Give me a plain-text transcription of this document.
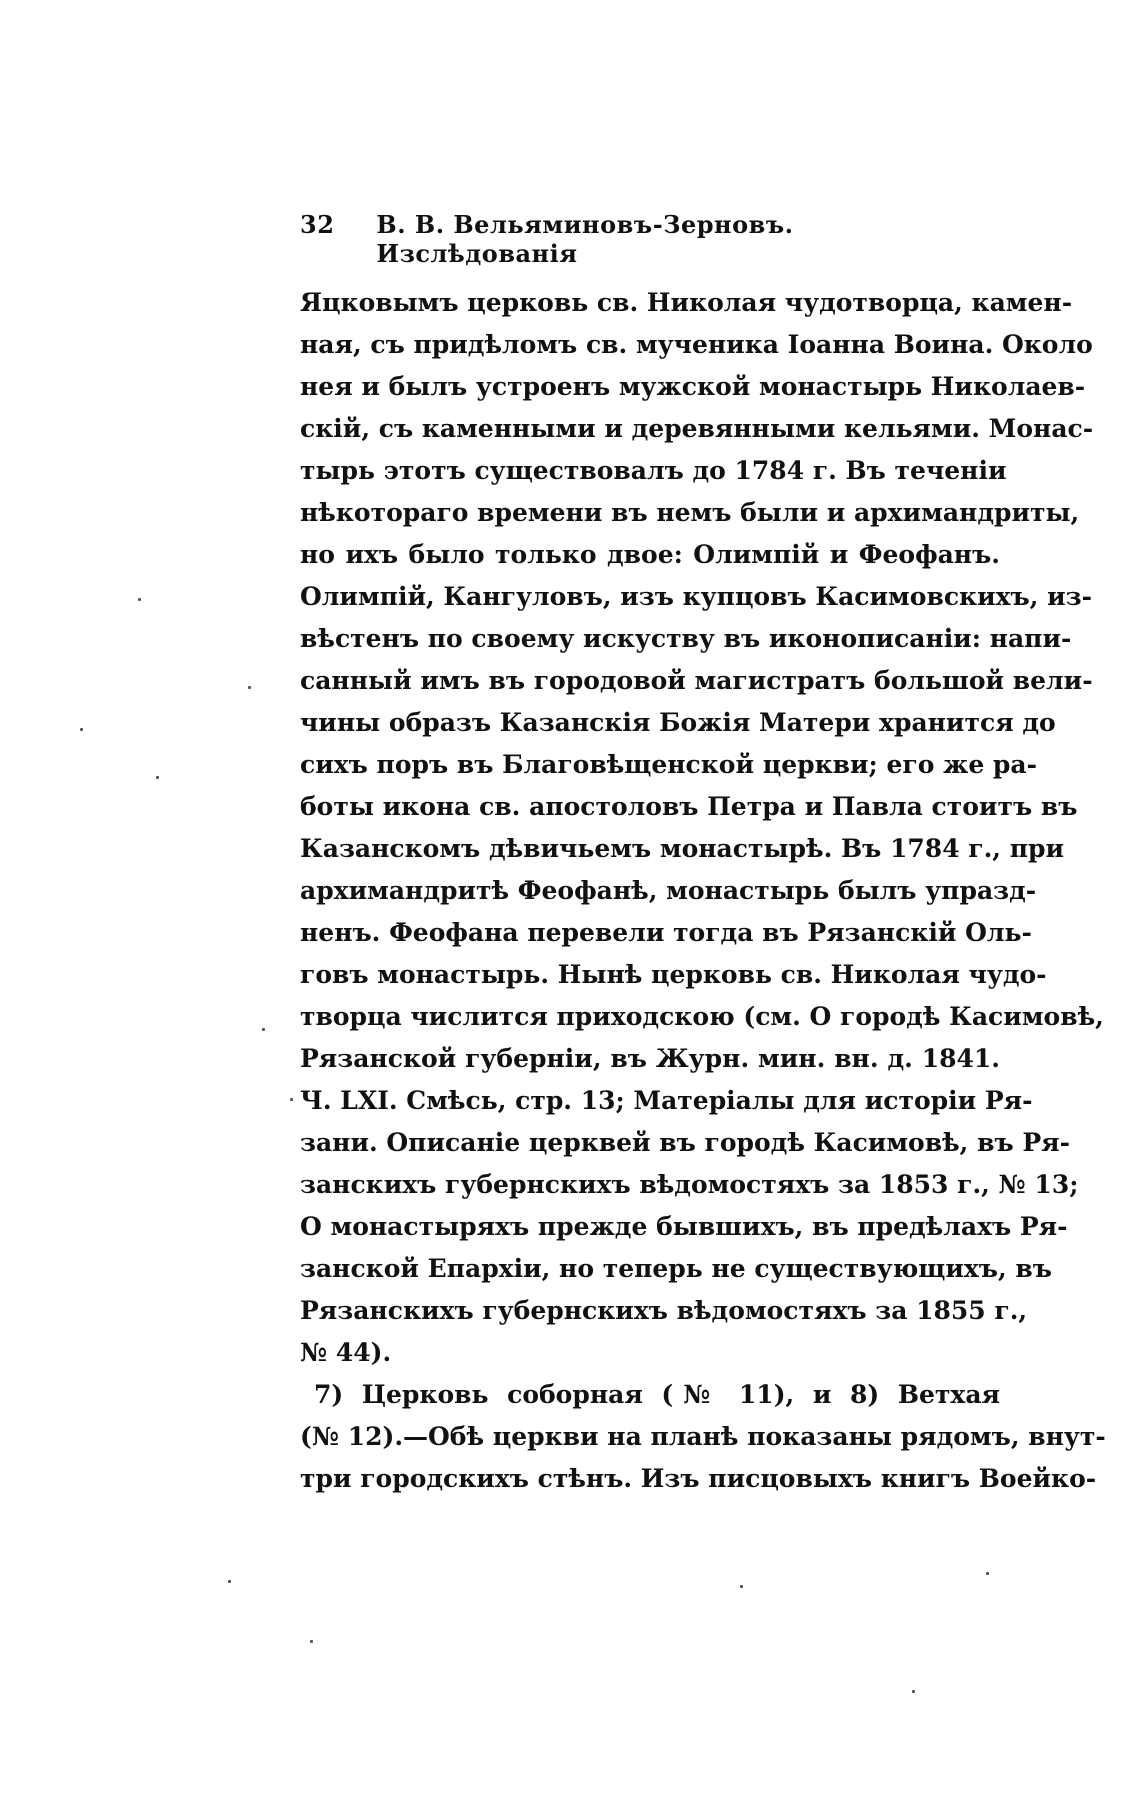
32 В. В. Вельяминовъ-Зерновъ. Изслѣдованія
Яцковымъ церковь св. Николая чудотворца, камен-
ная, съ придѣломъ св. мученика Іоанна Воина. Около
нея и былъ устроенъ мужской монастырь Николаев-
скій, съ каменными и деревянными кельями. Монас-
тырь этотъ существовалъ до 1784 г. Въ теченіи
нѣкотораго времени въ немъ были и архимандриты,
но ихъ было только двое: Олимпій и Феофанъ.
Олимпій, Кангуловъ, изъ купцовъ Касимовскихъ, из-
вѣстенъ по своему искуству въ иконописаніи: напи-
санный имъ въ городовой магистратъ большой вели-
чины образъ Казанскія Божія Матери хранится до
сихъ поръ въ Благовѣщенской церкви; его же ра-
боты икона св. апостоловъ Петра и Павла стоитъ въ
Казанскомъ дѣвичьемъ монастырѣ. Въ 1784 г., при
архимандритѣ Феофанѣ, монастырь былъ упразд-
ненъ. Феофана перевели тогда въ Рязанскій Оль-
говъ монастырь. Нынѣ церковь св. Николая чудо-
творца числится приходскою (см. О городѣ Касимовѣ,
Рязанской губерніи, въ Журн. мин. вн. д. 1841.
Ч. LXI. Смѣсь, стр. 13; Матеріалы для исторіи Ря-
зани. Описаніе церквей въ городѣ Касимовѣ, въ Ря-
занскихъ губернскихъ вѣдомостяхъ за 1853 г., № 13;
О монастыряхъ прежде бывшихъ, въ предѣлахъ Ря-
занской Епархіи, но теперь не существующихъ, въ
Рязанскихъ губернскихъ вѣдомостяхъ за 1855 г.,
№ 44).
7) Церковь соборная (№ 11), и 8) Ветхая
(№ 12).—Обѣ церкви на планѣ показаны рядомъ, внут-
три городскихъ стѣнъ. Изъ писцовыхъ книгъ Воейко-
